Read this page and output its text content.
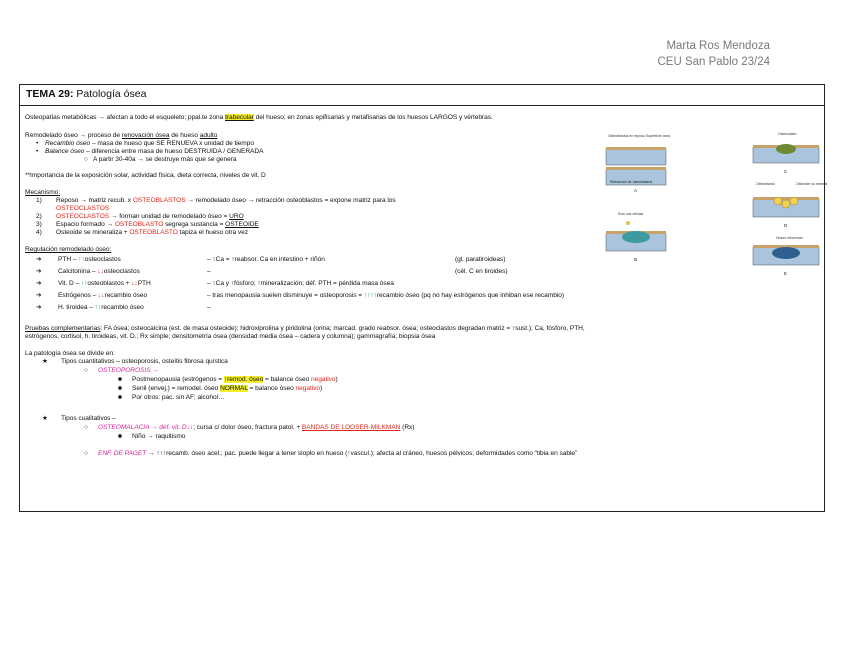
Marta Ros Mendoza
CEU San Pablo 23/24
TEMA 29: Patología ósea
Osteopatías metabólicas → afectan a todo el esqueleto; ppal.te zona trabecular del hueso; en zonas epifisarias y metafisarias de los huesos LARGOS y vértebras.
Remodelado óseo → proceso de renovación ósea de hueso adulto
• Recambio óseo – masa de hueso que SE RENUEVA x unidad de tiempo
• Balance óseo – diferencia entre masa de hueso DESTRUIDA / GENERADA
○ A partir 30-40a → se destruye más que se genera
**Importancia de la exposición solar, actividad física, dieta correcta, niveles de vit. D
Mecanismo:
1) Reposo → matriz recub. x OSTEOBLASTOS → remodelado óseo → retracción osteoblastos = expone matriz para los
OSTEOCLASTOS
2) OSTEOCLASTOS → forman unidad de remodelado óseo = URO
3) Espacio formado → OSTEOBLASTO segrega sustancia = OSTEOIDE
4) Osteoide se mineraliza + OSTEOBLASTO tapiza el hueso otra vez
Regulación remodelado óseo:
➔	PTH – ↑↑osteoclastos	– ↑Ca = ↑reabsor. Ca en intestino + riñón	(gl. paratiroideas)
➔	Calcitonina – ↓↓osteoclastos	–	(cél. C en tiroides)
➔	Vit. D – ↑↑osteoblastos + ↓↓PTH	– ↑Ca y ↑fósforo; ↑mineralización; déf. PTH = pérdida masa ósea
➔	Estrógenos – ↓↓recambio óseo	– tras menopausia suelen disminuye = osteoporosis = ↑↑↑↑recambio óseo (pq no hay estrógenos que inhiban ese recambio)
➔	H. tiroidea – ↑↑recambio óseo	–
Pruebas complementarias: FA ósea; osteocalcina (est. de masa osteoide); hidroxiprolina y piridolina (orina; marcad. grado reabsor. ósea; osteoclastos degradan matriz = ↑sust.); Ca, fósforo, PTH,
estrógenos, cortisol, h. tiroideas, vit. D.; Rx simple; densitometría ósea (densidad media ósea – cadera y columna); gammagrafía; biopsia ósea
La patología ósea se divide en:
★ Tipos cuantitativos – osteoporosis, osteítis fibrosa quística
○ OSTEOPOROSIS →
■ Postmenopausia (estrógenos = ↑remod. óseo = balance óseo negativo)
■ Senil (envej.) = remodel. óseo NORMAL = balance óseo negativo)
■ Por otros: pac. sin AF; alcohol…
★ Tipos cualitativos –
○ OSTEOMALACIA → déf. vit. D↓↓; cursa c/ dolor óseo, fractura patol. + BANDAS DE LOOSER-MILKMAN (Rx)
■ Niño → raquitismo
○ ENF. DE PAGET → ↑↑↑recamb. óseo acel.; pac. puede llegar a tener sloplo en hueso (↑vascul.); afecta al cráneo, huesos pélvicos; deformidades como “tibia en sable”
Osteoblastos en reposo Superficie ósea
Retracción de osteoblastos
A
Solo sus células
B
Osteoclasto
C
Osteoblasto	Osteoide no mineral
D
Hueso reformado
E
